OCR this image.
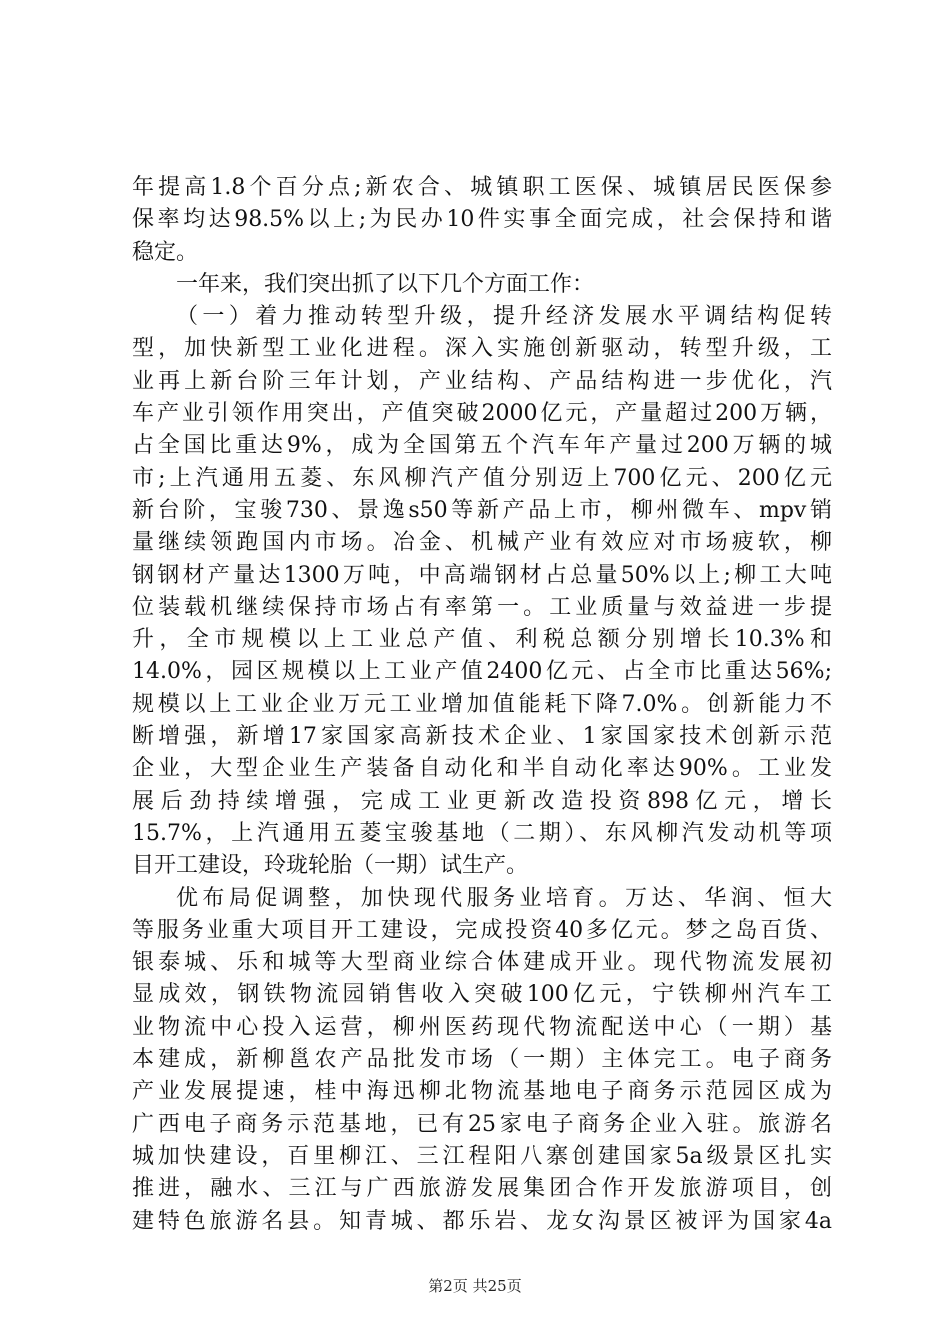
年提高1.8个百分点;新农合、城镇职工医保、城镇居民医保参
保率均达98.5%以上;为民办10件实事全面完成，社会保持和谐
稳定。
一年来，我们突出抓了以下几个方面工作：
（一）着力推动转型升级，提升经济发展水平调结构促转
型，加快新型工业化进程。深入实施创新驱动，转型升级，工
业再上新台阶三年计划，产业结构、产品结构进一步优化，汽
车产业引领作用突出，产值突破2000亿元，产量超过200万辆，
占全国比重达9%，成为全国第五个汽车年产量过200万辆的城
市;上汽通用五菱、东风柳汽产值分别迈上700亿元、200亿元
新台阶，宝骏730、景逸s50等新产品上市，柳州微车、mpv销
量继续领跑国内市场。冶金、机械产业有效应对市场疲软，柳
钢钢材产量达1300万吨，中高端钢材占总量50%以上;柳工大吨
位装载机继续保持市场占有率第一。工业质量与效益进一步提
升，全市规模以上工业总产值、利税总额分别增长10.3%和
14.0%，园区规模以上工业产值2400亿元、占全市比重达56%;
规模以上工业企业万元工业增加值能耗下降7.0%。创新能力不
断增强，新增17家国家高新技术企业、1家国家技术创新示范
企业，大型企业生产装备自动化和半自动化率达90%。工业发
展后劲持续增强，完成工业更新改造投资898亿元，增长
15.7%，上汽通用五菱宝骏基地（二期）、东风柳汽发动机等项
目开工建设，玲珑轮胎（一期）试生产。
优布局促调整，加快现代服务业培育。万达、华润、恒大
等服务业重大项目开工建设，完成投资40多亿元。梦之岛百货、
银泰城、乐和城等大型商业综合体建成开业。现代物流发展初
显成效，钢铁物流园销售收入突破100亿元，宁铁柳州汽车工
业物流中心投入运营，柳州医药现代物流配送中心（一期）基
本建成，新柳邕农产品批发市场（一期）主体完工。电子商务
产业发展提速，桂中海迅柳北物流基地电子商务示范园区成为
广西电子商务示范基地，已有25家电子商务企业入驻。旅游名
城加快建设，百里柳江、三江程阳八寨创建国家5a级景区扎实
推进，融水、三江与广西旅游发展集团合作开发旅游项目，创
建特色旅游名县。知青城、都乐岩、龙女沟景区被评为国家4a
第2页 共25页
